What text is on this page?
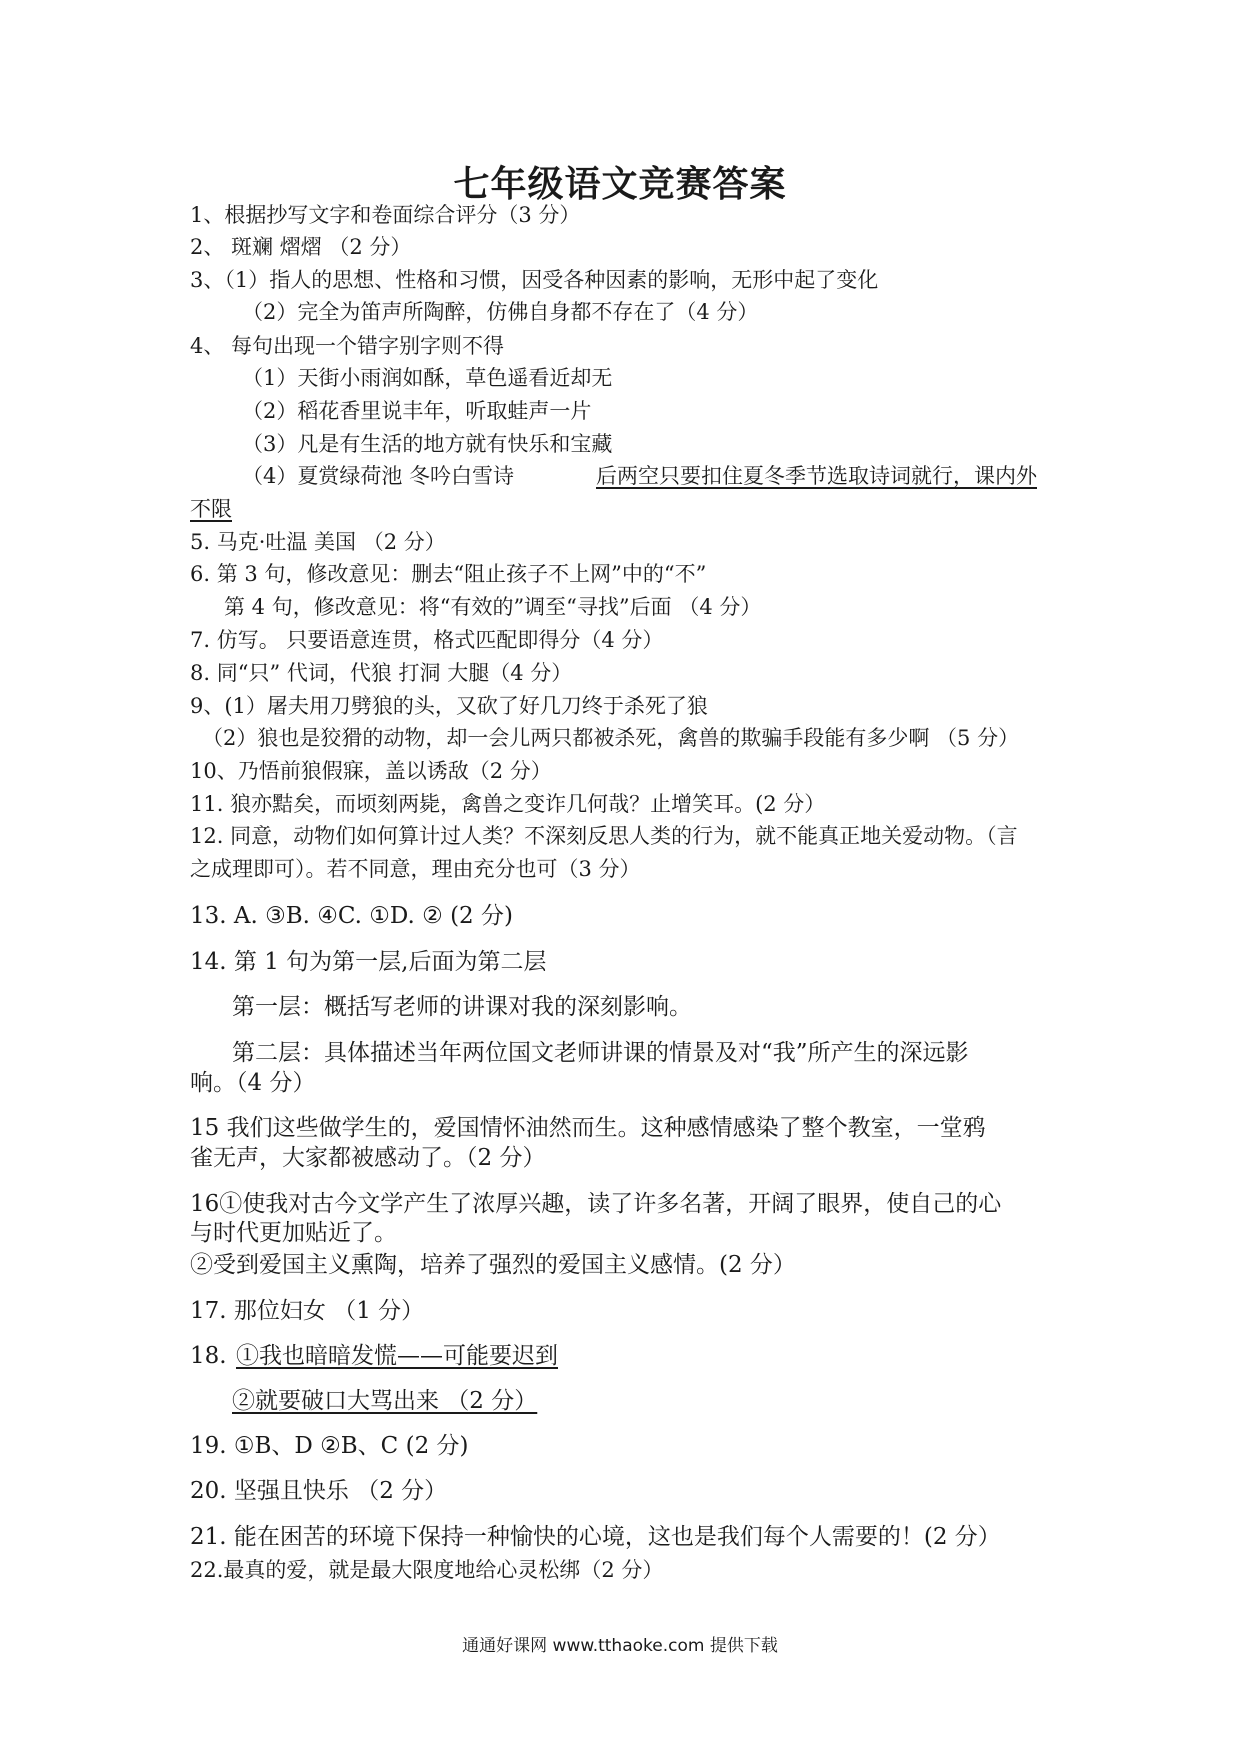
七年级语文竞赛答案
1、根据抄写文字和卷面综合评分（3 分）
2、 斑斓 熠熠 （2 分）
3、（1）指人的思想、性格和习惯，因受各种因素的影响，无形中起了变化
（2）完全为笛声所陶醉，仿佛自身都不存在了（4 分）
4、 每句出现一个错字别字则不得
（1）天街小雨润如酥，草色遥看近却无
（2）稻花香里说丰年，听取蛙声一片
（3）凡是有生活的地方就有快乐和宝藏
（4）夏赏绿荷池 冬吟白雪诗	后两空只要扣住夏冬季节选取诗词就行，课内外
不限
5. 马克·吐温 美国 （2 分）
6. 第 3 句，修改意见：删去“阻止孩子不上网”中的“不”
第 4 句，修改意见：将“有效的”调至“寻找”后面 （4 分）
7. 仿写。 只要语意连贯，格式匹配即得分（4 分）
8. 同“只” 代词，代狼 打洞 大腿（4 分）
9、(1）屠夫用刀劈狼的头，又砍了好几刀终于杀死了狼
（2）狼也是狡猾的动物，却一会儿两只都被杀死，禽兽的欺骗手段能有多少啊 （5 分）
10、乃悟前狼假寐，盖以诱敌（2 分）
11. 狼亦黠矣，而顷刻两毙，禽兽之变诈几何哉？止增笑耳。(2 分）
12. 同意，动物们如何算计过人类？不深刻反思人类的行为，就不能真正地关爱动物。（言
之成理即可）。若不同意，理由充分也可（3 分）
13. A. ③B. ④C. ①D. ② (2 分)
14. 第 1 句为第一层,后面为第二层
第一层：概括写老师的讲课对我的深刻影响。
第二层：具体描述当年两位国文老师讲课的情景及对“我”所产生的深远影
响。（4 分）
15 我们这些做学生的，爱国情怀油然而生。这种感情感染了整个教室，一堂鸦
雀无声，大家都被感动了。（2 分）
16①使我对古今文学产生了浓厚兴趣，读了许多名著，开阔了眼界，使自己的心
与时代更加贴近了。
②受到爱国主义熏陶，培养了强烈的爱国主义感情。(2 分）
17. 那位妇女 （1 分）
18. ①我也暗暗发慌——可能要迟到
②就要破口大骂出来 （2 分）
19. ①B、D ②B、C (2 分)
20. 坚强且快乐 （2 分）
21. 能在困苦的环境下保持一种愉快的心境，这也是我们每个人需要的！(2 分）
22.最真的爱，就是最大限度地给心灵松绑（2 分）
通通好课网 www.tthaoke.com 提供下载
